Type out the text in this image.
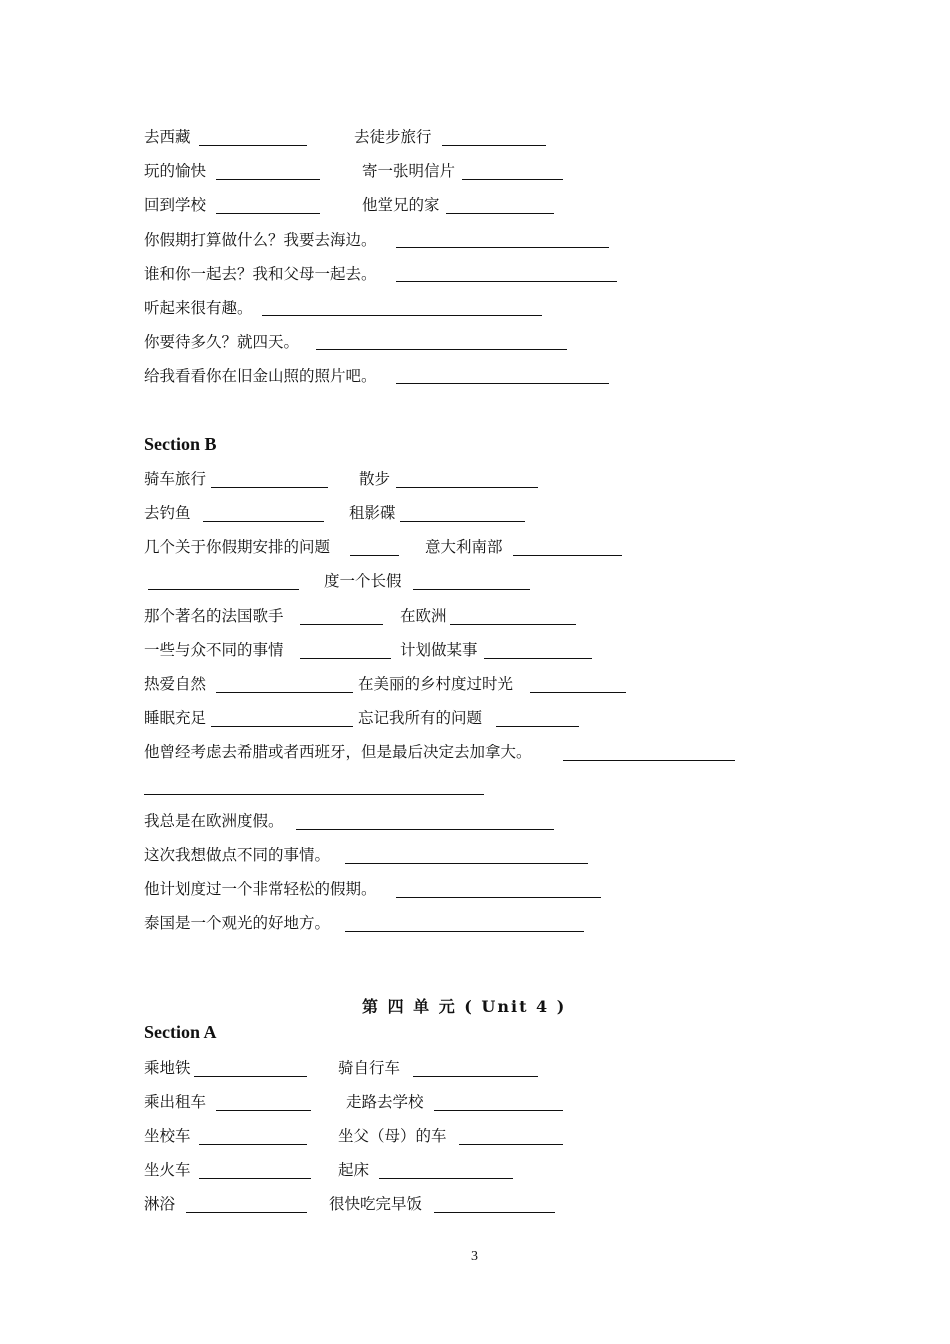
去西藏	去徒步旅行
玩的愉快	寄一张明信片
回到学校	他堂兄的家
你假期打算做什么？我要去海边。
谁和你一起去？我和父母一起去。
听起来很有趣。
你要待多久？就四天。
给我看看你在旧金山照的照片吧。
Section B
骑车旅行	散步
去钓鱼	租影碟
几个关于你假期安排的问题	意大利南部
度一个长假
那个著名的法国歌手	在欧洲
一些与众不同的事情	计划做某事
热爱自然	在美丽的乡村度过时光
睡眠充足	忘记我所有的问题
他曾经考虑去希腊或者西班牙，但是最后决定去加拿大。
我总是在欧洲度假。
这次我想做点不同的事情。
他计划度过一个非常轻松的假期。
泰国是一个观光的好地方。
第 四 单 元 ( Unit 4 )
Section A
乘地铁	骑自行车
乘出租车	走路去学校
坐校车	坐父（母）的车
坐火车	起床
淋浴	很快吃完早饭
3
